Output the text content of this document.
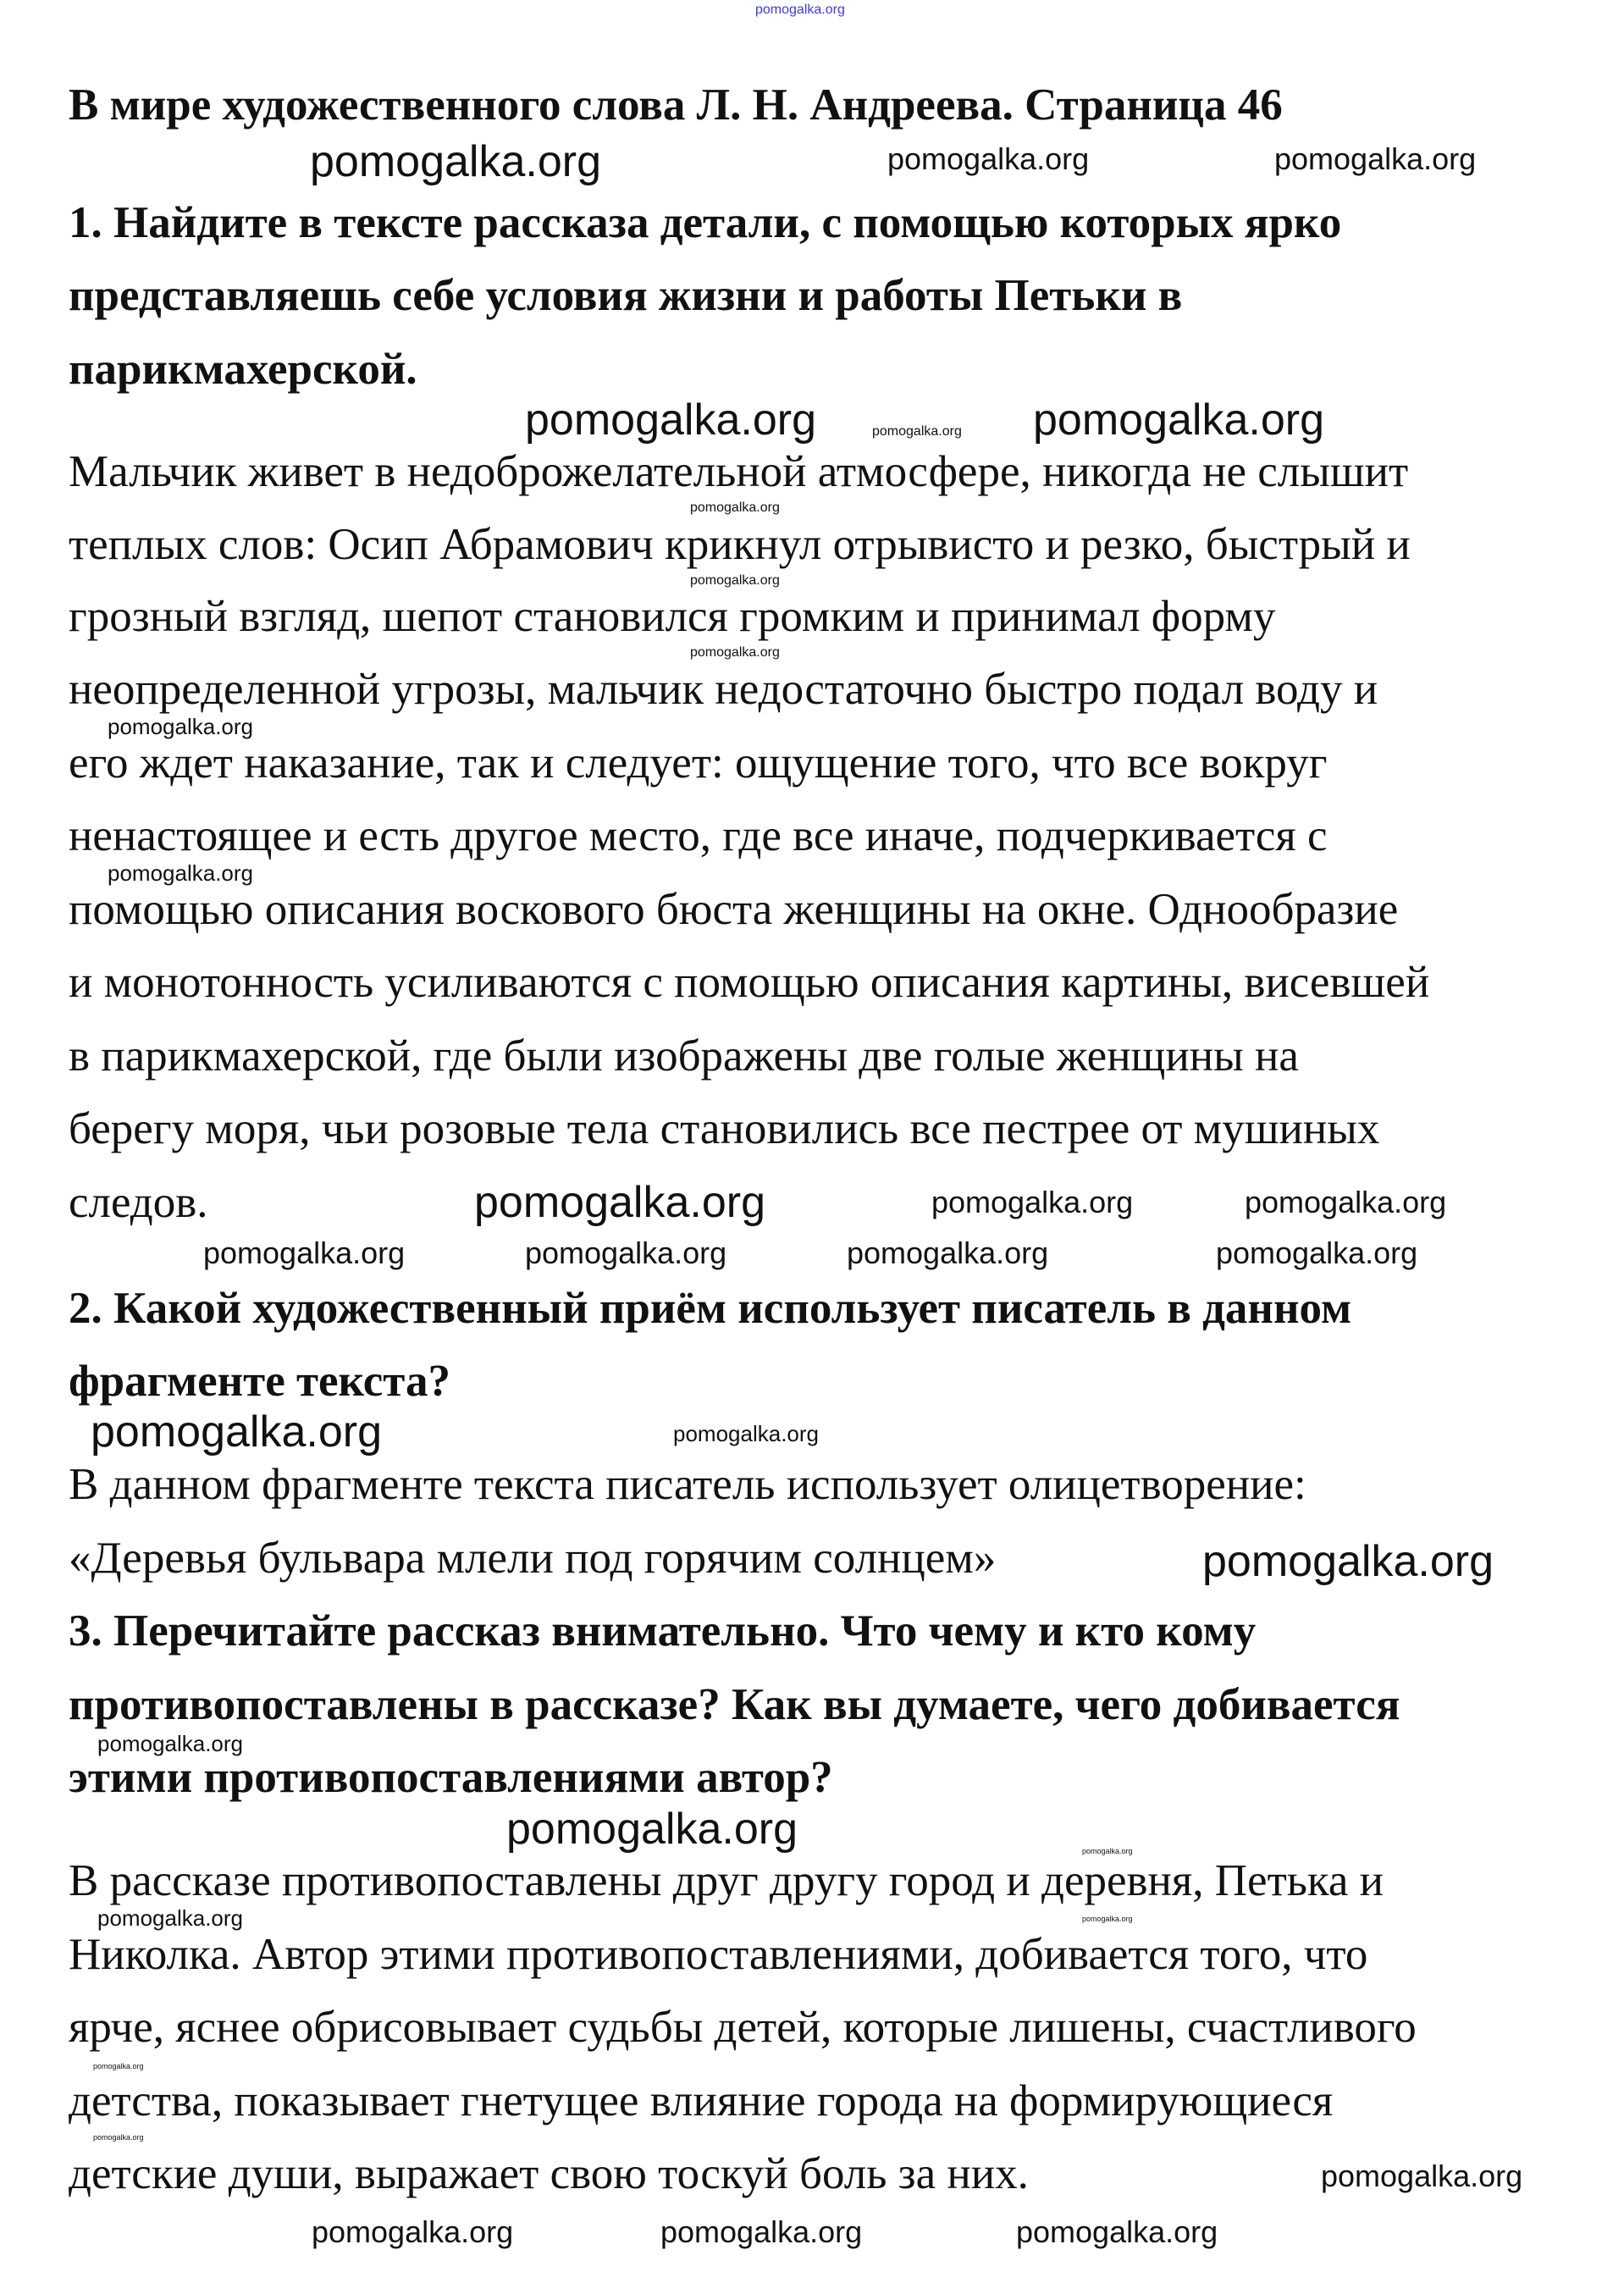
pomogalka.org
В мире художественного слова Л. Н. Андреева. Страница 46
1. Найдите в тексте рассказа детали, с помощью которых ярко
представляешь себе условия жизни и работы Петьки в
парикмахерской.
Мальчик живет в недоброжелательной атмосфере, никогда не слышит
теплых слов: Осип Абрамович крикнул отрывисто и резко, быстрый и
грозный взгляд, шепот становился громким и принимал форму
неопределенной угрозы, мальчик недостаточно быстро подал воду и
его ждет наказание, так и следует: ощущение того, что все вокруг
ненастоящее и есть другое место, где все иначе, подчеркивается с
помощью описания воскового бюста женщины на окне. Однообразие
и монотонность усиливаются с помощью описания картины, висевшей
в парикмахерской, где были изображены две голые женщины на
берегу моря, чьи розовые тела становились все пестрее от мушиных
следов.
2. Какой художественный приём использует писатель в данном
фрагменте текста?
В данном фрагменте текста писатель использует олицетворение:
«Деревья бульвара млели под горячим солнцем»
3. Перечитайте рассказ внимательно. Что чему и кто кому
противопоставлены в рассказе? Как вы думаете, чего добивается
этими противопоставлениями автор?
В рассказе противопоставлены друг другу город и деревня, Петька и
Николка. Автор этими противопоставлениями, добивается того, что
ярче, яснее обрисовывает судьбы детей, которые лишены, счастливого
детства, показывает гнетущее влияние города на формирующиеся
детские души, выражает свою тоскуй боль за них.
pomogalka.org	pomogalka.org	pomogalka.org
pomogalka.org	pomogalka.org pomogalka.org
pomogalka.org
pomogalka.org
pomogalka.org
pomogalka.org
pomogalka.org
pomogalka.org	pomogalka.org	pomogalka.org
pomogalka.org	pomogalka.org	pomogalka.org	pomogalka.org
pomogalka.org	pomogalka.org
pomogalka.org
pomogalka.org
pomogalka.org	pomogalka.org
pomogalka.org	pomogalka.org
pomogalka.org
pomogalka.org
pomogalka.org
pomogalka.org	pomogalka.org
pomogalka.org
